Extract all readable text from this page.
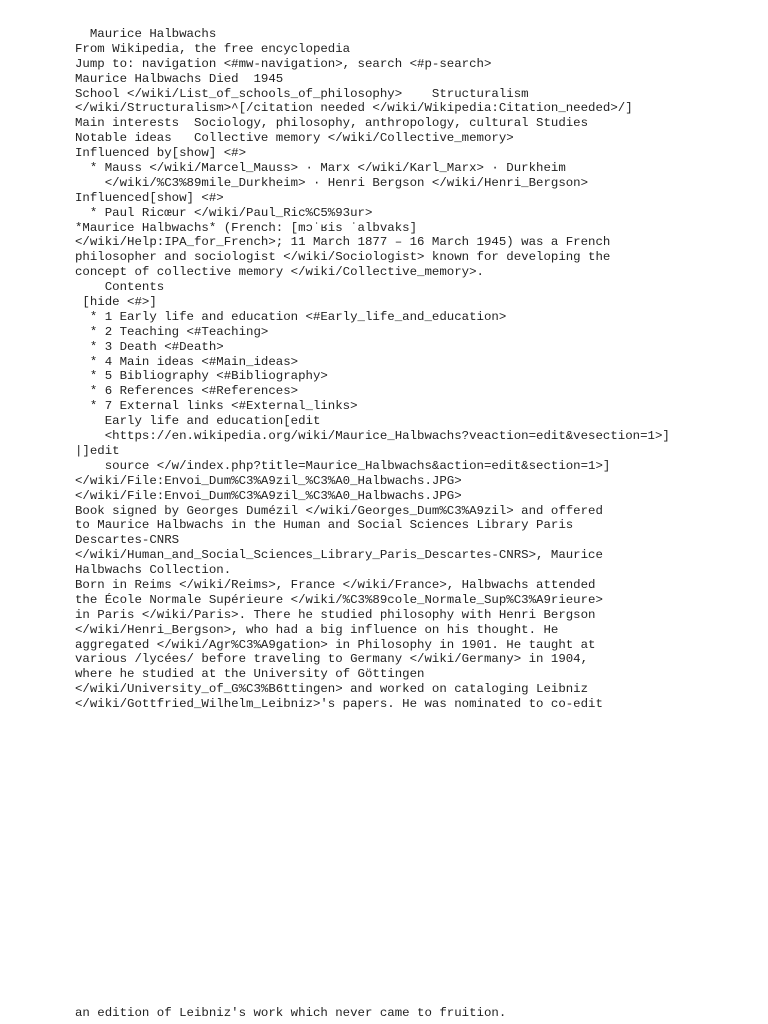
Maurice Halbwachs
From Wikipedia, the free encyclopedia
Jump to: navigation <#mw-navigation>, search <#p-search>
Maurice Halbwachs Died  1945
School </wiki/List_of_schools_of_philosophy>    Structuralism
</wiki/Structuralism>^[/citation needed </wiki/Wikipedia:Citation_needed>/]
Main interests  Sociology, philosophy, anthropology, cultural Studies
Notable ideas   Collective memory </wiki/Collective_memory>
Influenced by[show] <#>
* Mauss </wiki/Marcel_Mauss> · Marx </wiki/Karl_Marx> · Durkheim
</wiki/%C3%89mile_Durkheim> · Henri Bergson </wiki/Henri_Bergson>
Influenced[show] <#>
* Paul Ricœur </wiki/Paul_Ric%C5%93ur>
*Maurice Halbwachs* (French: [mɔˈʁis ˈalbvaks]
</wiki/Help:IPA_for_French>; 11 March 1877 – 16 March 1945) was a French
philosopher and sociologist </wiki/Sociologist> known for developing the
concept of collective memory </wiki/Collective_memory>.
Contents
[hide <#>]
* 1 Early life and education <#Early_life_and_education>
* 2 Teaching <#Teaching>
* 3 Death <#Death>
* 4 Main ideas <#Main_ideas>
* 5 Bibliography <#Bibliography>
* 6 References <#References>
* 7 External links <#External_links>
Early life and education[edit
<https://en.wikipedia.org/wiki/Maurice_Halbwachs?veaction=edit&vesection=1>]
|]edit
source </w/index.php?title=Maurice_Halbwachs&action=edit&section=1>]
</wiki/File:Envoi_Dum%C3%A9zil_%C3%A0_Halbwachs.JPG>
</wiki/File:Envoi_Dum%C3%A9zil_%C3%A0_Halbwachs.JPG>
Book signed by Georges Dumézil </wiki/Georges_Dum%C3%A9zil> and offered
to Maurice Halbwachs in the Human and Social Sciences Library Paris
Descartes-CNRS
</wiki/Human_and_Social_Sciences_Library_Paris_Descartes-CNRS>, Maurice
Halbwachs Collection.
Born in Reims </wiki/Reims>, France </wiki/France>, Halbwachs attended
the École Normale Supérieure </wiki/%C3%89cole_Normale_Sup%C3%A9rieure>
in Paris </wiki/Paris>. There he studied philosophy with Henri Bergson
</wiki/Henri_Bergson>, who had a big influence on his thought. He
aggregated </wiki/Agr%C3%A9gation> in Philosophy in 1901. He taught at
various /lycées/ before traveling to Germany </wiki/Germany> in 1904,
where he studied at the University of Göttingen
</wiki/University_of_G%C3%B6ttingen> and worked on cataloging Leibniz
</wiki/Gottfried_Wilhelm_Leibniz>'s papers. He was nominated to co-edit
an edition of Leibniz's work which never came to fruition.
